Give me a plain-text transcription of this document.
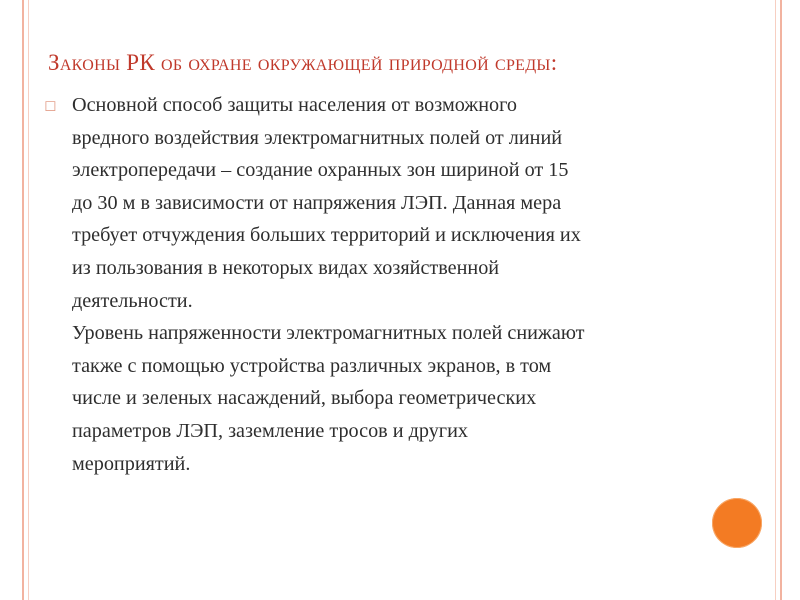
Законы РК об охране окружающей природной среды:
◻ Основной способ защиты населения от возможного
вредного воздействия электромагнитных полей от линий
электропередачи – создание охранных зон шириной от 15
до 30 м в зависимости от напряжения ЛЭП. Данная мера
требует отчуждения больших территорий и исключения их
из пользования в некоторых видах хозяйственной
деятельности.
Уровень напряженности электромагнитных полей снижают
также с помощью устройства различных экранов, в том
числе и зеленых насаждений, выбора геометрических
параметров ЛЭП, заземление тросов и других
мероприятий.
